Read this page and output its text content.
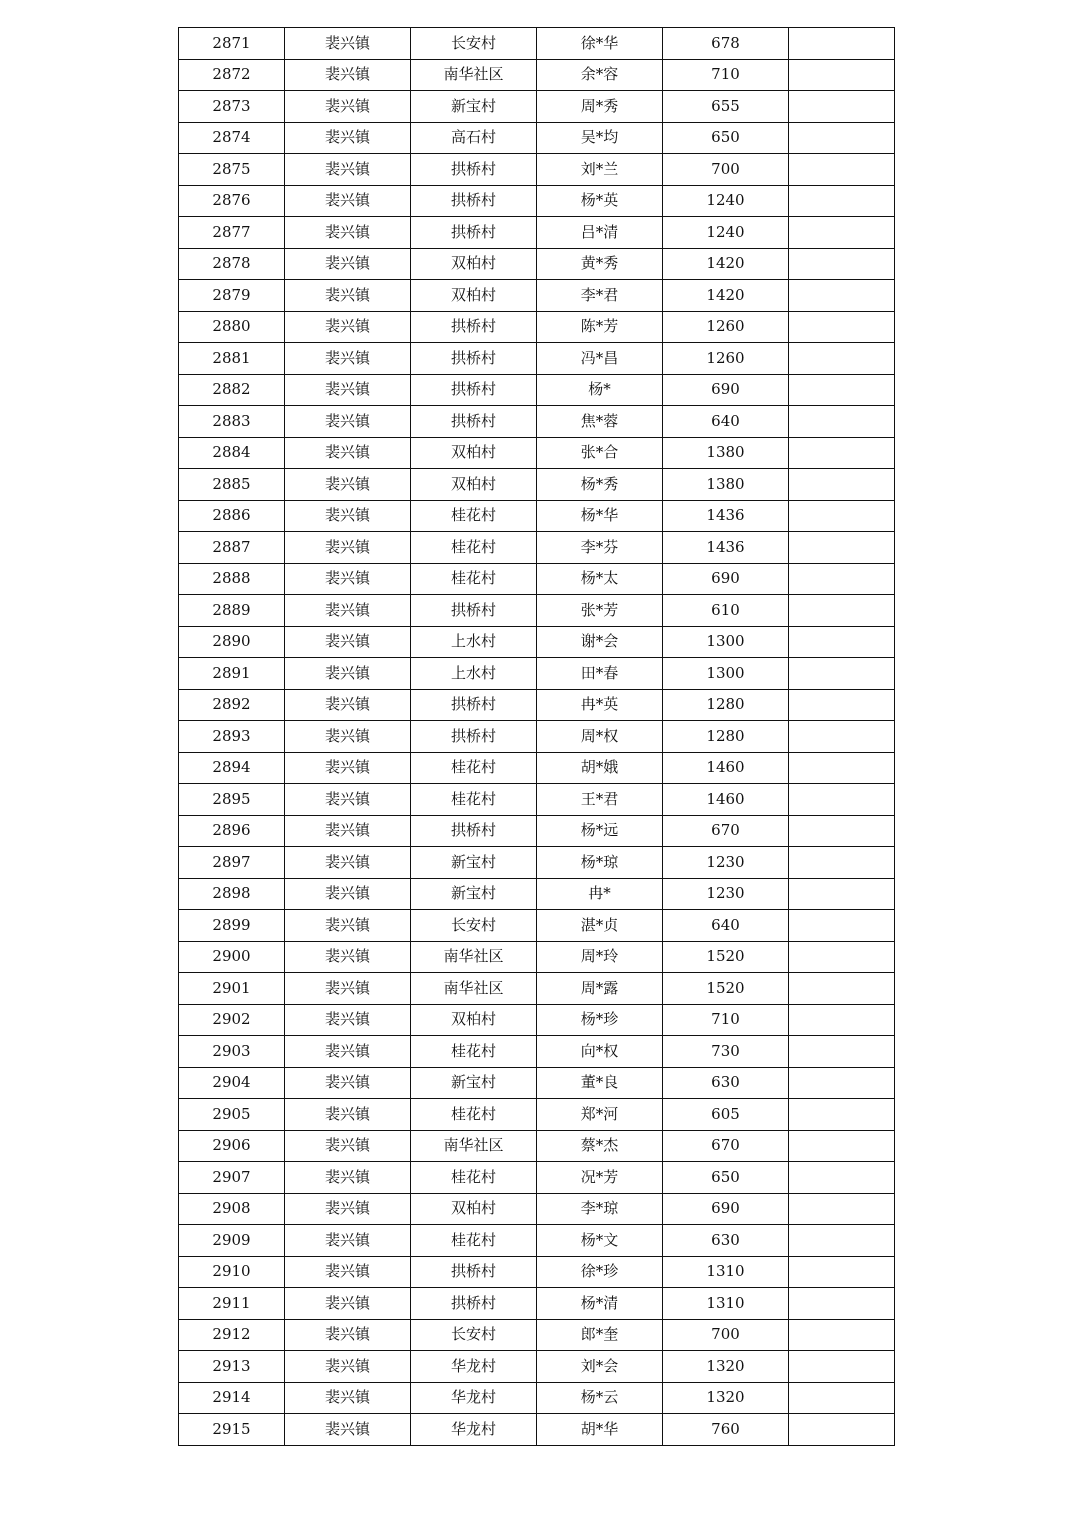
2871	裴兴镇	长安村	徐*华	678	
2872	裴兴镇	南华社区	余*容	710	
2873	裴兴镇	新宝村	周*秀	655	
2874	裴兴镇	高石村	吴*均	650	
2875	裴兴镇	拱桥村	刘*兰	700	
2876	裴兴镇	拱桥村	杨*英	1240	
2877	裴兴镇	拱桥村	吕*清	1240	
2878	裴兴镇	双柏村	黄*秀	1420	
2879	裴兴镇	双柏村	李*君	1420	
2880	裴兴镇	拱桥村	陈*芳	1260	
2881	裴兴镇	拱桥村	冯*昌	1260	
2882	裴兴镇	拱桥村	杨*	690	
2883	裴兴镇	拱桥村	焦*蓉	640	
2884	裴兴镇	双柏村	张*合	1380	
2885	裴兴镇	双柏村	杨*秀	1380	
2886	裴兴镇	桂花村	杨*华	1436	
2887	裴兴镇	桂花村	李*芬	1436	
2888	裴兴镇	桂花村	杨*太	690	
2889	裴兴镇	拱桥村	张*芳	610	
2890	裴兴镇	上水村	谢*会	1300	
2891	裴兴镇	上水村	田*春	1300	
2892	裴兴镇	拱桥村	冉*英	1280	
2893	裴兴镇	拱桥村	周*权	1280	
2894	裴兴镇	桂花村	胡*娥	1460	
2895	裴兴镇	桂花村	王*君	1460	
2896	裴兴镇	拱桥村	杨*远	670	
2897	裴兴镇	新宝村	杨*琼	1230	
2898	裴兴镇	新宝村	冉*	1230	
2899	裴兴镇	长安村	湛*贞	640	
2900	裴兴镇	南华社区	周*玲	1520	
2901	裴兴镇	南华社区	周*露	1520	
2902	裴兴镇	双柏村	杨*珍	710	
2903	裴兴镇	桂花村	向*权	730	
2904	裴兴镇	新宝村	董*良	630	
2905	裴兴镇	桂花村	郑*河	605	
2906	裴兴镇	南华社区	蔡*杰	670	
2907	裴兴镇	桂花村	况*芳	650	
2908	裴兴镇	双柏村	李*琼	690	
2909	裴兴镇	桂花村	杨*文	630	
2910	裴兴镇	拱桥村	徐*珍	1310	
2911	裴兴镇	拱桥村	杨*清	1310	
2912	裴兴镇	长安村	郎*奎	700	
2913	裴兴镇	华龙村	刘*会	1320	
2914	裴兴镇	华龙村	杨*云	1320	
2915	裴兴镇	华龙村	胡*华	760	
